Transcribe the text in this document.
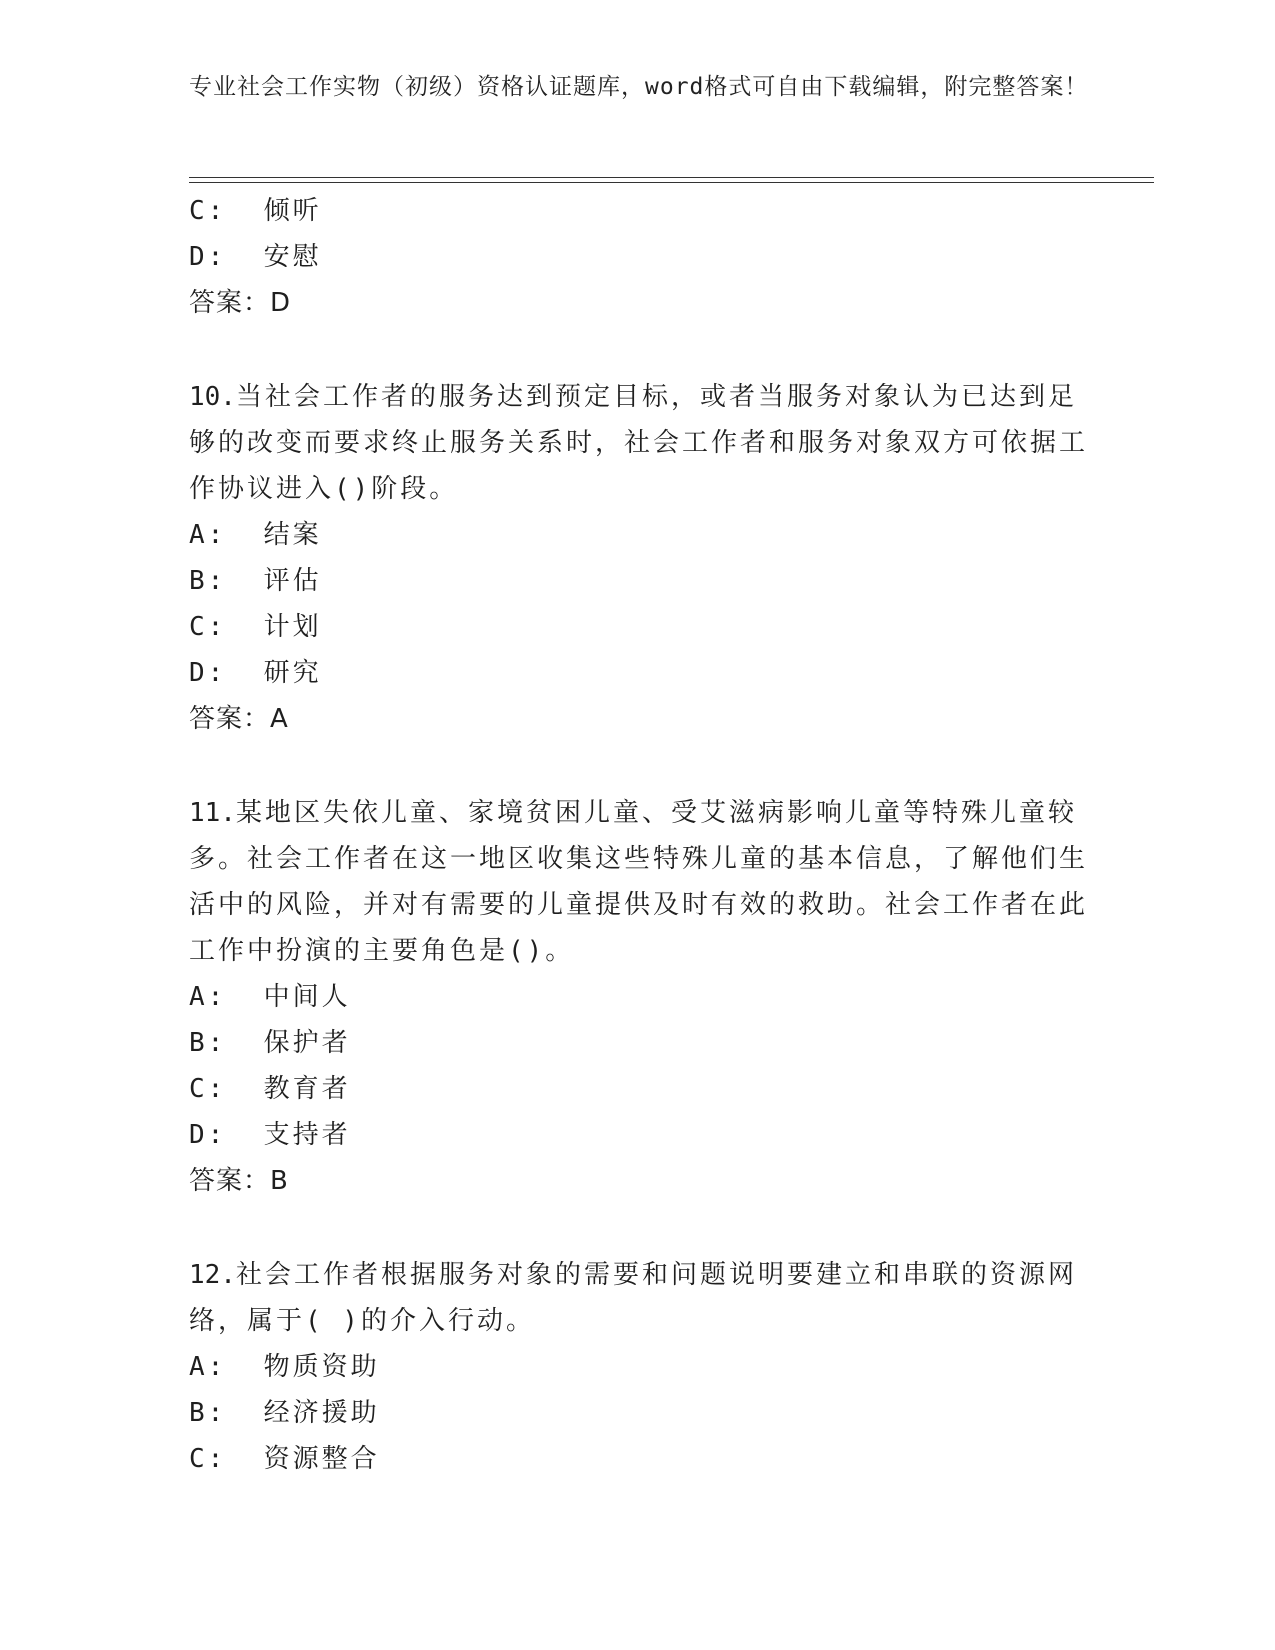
专业社会工作实物（初级）资格认证题库，word格式可自由下载编辑，附完整答案！
C: 倾听
D: 安慰
答案：D
10.当社会工作者的服务达到预定目标，或者当服务对象认为已达到足够的改变而要求终止服务关系时，社会工作者和服务对象双方可依据工作协议进入()阶段。
A: 结案
B: 评估
C: 计划
D: 研究
答案：A
11.某地区失依儿童、家境贫困儿童、受艾滋病影响儿童等特殊儿童较多。社会工作者在这一地区收集这些特殊儿童的基本信息，了解他们生活中的风险，并对有需要的儿童提供及时有效的救助。社会工作者在此工作中扮演的主要角色是()。
A: 中间人
B: 保护者
C: 教育者
D: 支持者
答案：B
12.社会工作者根据服务对象的需要和问题说明要建立和串联的资源网络，属于( )的介入行动。
A: 物质资助
B: 经济援助
C: 资源整合
